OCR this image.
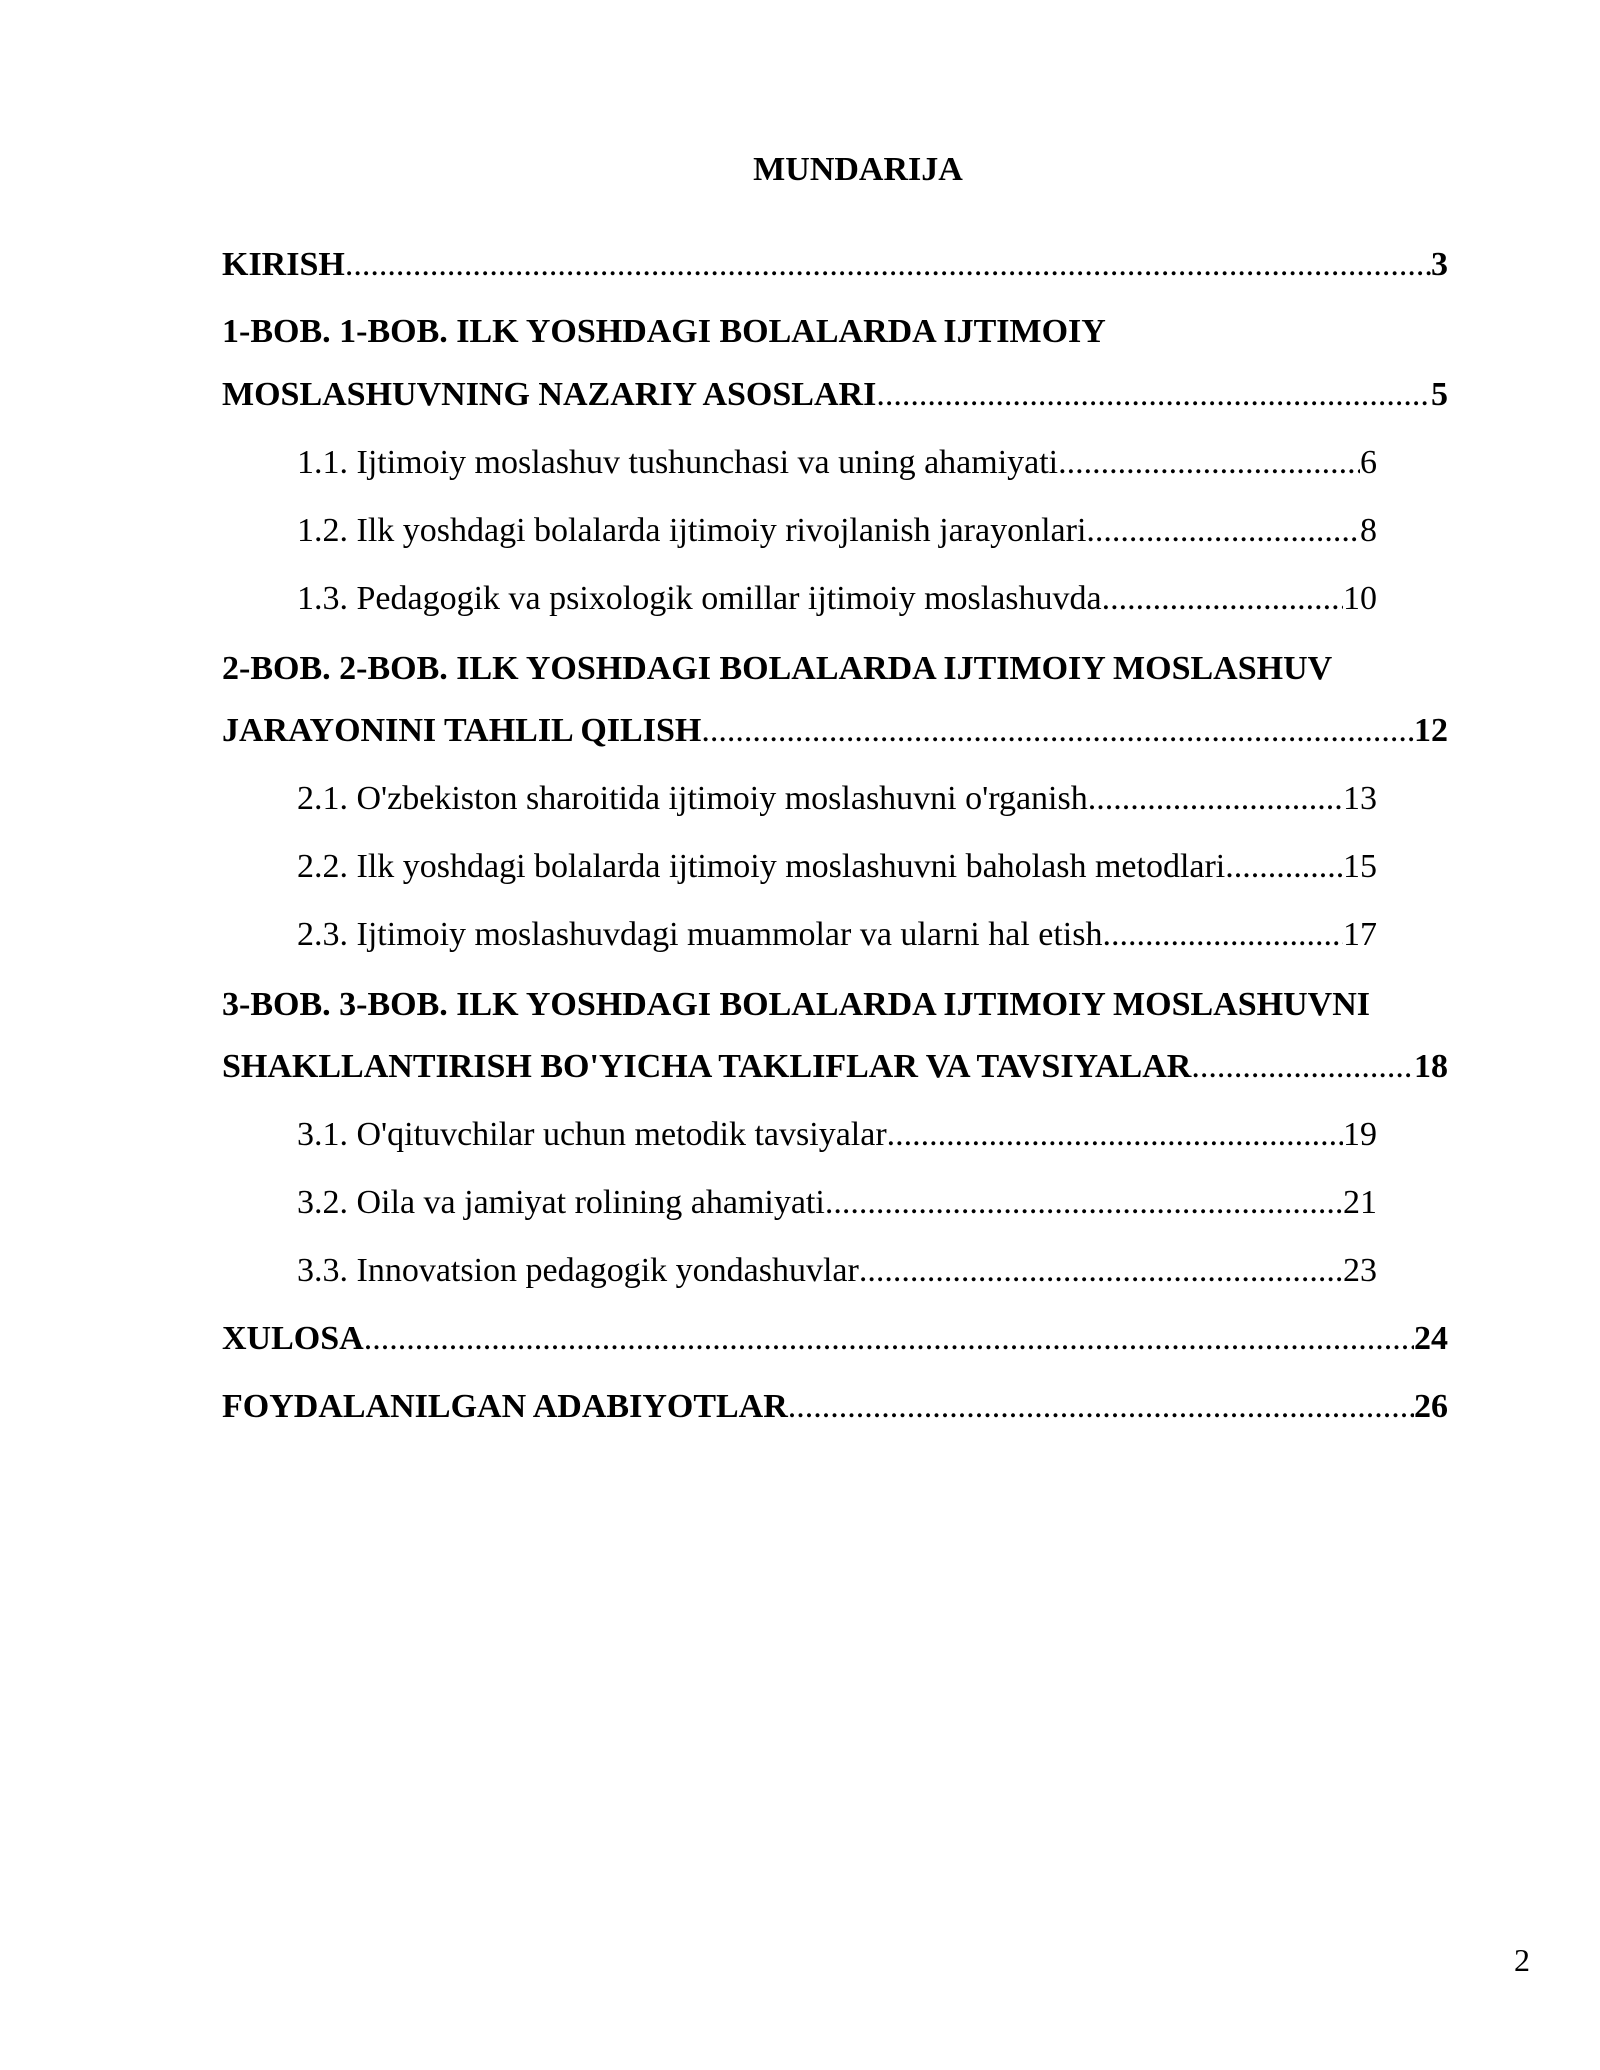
MUNDARIJA
KIRISH .....	3
1-BOB. 1-BOB. ILK YOSHDAGI BOLALARDA IJTIMOIY
MOSLASHUVNING NAZARIY ASOSLARI .....	5
1.1. Ijtimoiy moslashuv tushunchasi va uning ahamiyati .....	6
1.2. Ilk yoshdagi bolalarda ijtimoiy rivojlanish jarayonlari .....	8
1.3. Pedagogik va psixologik omillar ijtimoiy moslashuvda .....	10
2-BOB. 2-BOB. ILK YOSHDAGI BOLALARDA IJTIMOIY MOSLASHUV
JARAYONINI TAHLIL QILISH .....	12
2.1. O'zbekiston sharoitida ijtimoiy moslashuvni o'rganish .....	13
2.2. Ilk yoshdagi bolalarda ijtimoiy moslashuvni baholash metodlari .....	15
2.3. Ijtimoiy moslashuvdagi muammolar va ularni hal etish .....	17
3-BOB. 3-BOB. ILK YOSHDAGI BOLALARDA IJTIMOIY MOSLASHUVNI
SHAKLLANTIRISH BO'YICHA TAKLIFLAR VA TAVSIYALAR .....	18
3.1. O'qituvchilar uchun metodik tavsiyalar .....	19
3.2. Oila va jamiyat rolining ahamiyati .....	21
3.3. Innovatsion pedagogik yondashuvlar .....	23
XULOSA .....	24
FOYDALANILGAN ADABIYOTLAR .....	26
2
